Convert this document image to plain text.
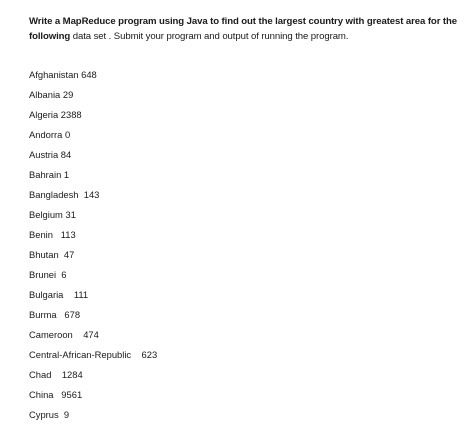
Write a MapReduce program using Java to find out the largest country with greatest area for the following data set . Submit your program and output of running the program.
Afghanistan 648
Albania 29
Algeria 2388
Andorra 0
Austria 84
Bahrain 1
Bangladesh  143
Belgium 31
Benin   113
Bhutan  47
Brunei  6
Bulgaria    111
Burma   678
Cameroon    474
Central-African-Republic    623
Chad    1284
China   9561
Cyprus  9
